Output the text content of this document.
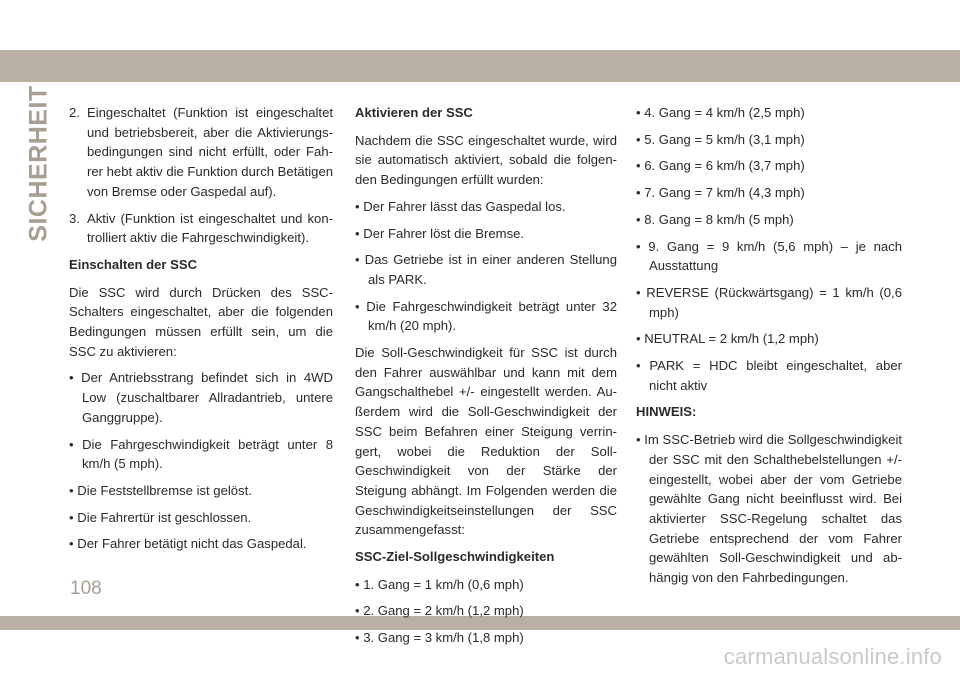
SICHERHEIT 2. Eingeschaltet (Funktion ist eingeschaltet und betriebsbereit, aber die Aktivierungsbedingungen sind nicht erfüllt, oder Fahrer hebt aktiv die Funktion durch Betätigen von Bremse oder Gaspedal auf).
3. Aktiv (Funktion ist eingeschaltet und kontrolliert aktiv die Fahrgeschwindigkeit).

Einschalten der SSC

Die SSC wird durch Drücken des SSC-Schalters eingeschaltet, aber die folgenden Bedingungen müssen erfüllt sein, um die SSC zu aktivieren:

• Der Antriebsstrang befindet sich in 4WD Low (zuschaltbarer Allradantrieb, untere Ganggruppe).

• Die Fahrgeschwindigkeit beträgt unter 8 km/h (5 mph).

• Die Feststellbremse ist gelöst.

• Die Fahrertür ist geschlossen.

• Der Fahrer betätigt nicht das Gaspedal.

Aktivieren der SSC

Nachdem die SSC eingeschaltet wurde, wird sie automatisch aktiviert, sobald die folgenden Bedingungen erfüllt wurden:

• Der Fahrer lässt das Gaspedal los.

• Der Fahrer löst die Bremse.

• Das Getriebe ist in einer anderen Stellung als PARK.

• Die Fahrgeschwindigkeit beträgt unter 32 km/h (20 mph).

Die Soll-Geschwindigkeit für SSC ist durch den Fahrer auswählbar und kann mit dem Gangschalthebel +/- eingestellt werden. Außerdem wird die Soll-Geschwindigkeit der SSC beim Befahren einer Steigung verringert, wobei die Reduktion der Soll-Geschwindigkeit von der Stärke der Steigung abhängt. Im Folgenden werden die Geschwindigkeitseinstellungen der SSC zusammengefasst:

SSC-Ziel-Sollgeschwindigkeiten

• 1. Gang = 1 km/h (0,6 mph)

• 2. Gang = 2 km/h (1,2 mph)

• 3. Gang = 3 km/h (1,8 mph)

• 4. Gang = 4 km/h (2,5 mph)

• 5. Gang = 5 km/h (3,1 mph)

• 6. Gang = 6 km/h (3,7 mph)

• 7. Gang = 7 km/h (4,3 mph)

• 8. Gang = 8 km/h (5 mph)

• 9. Gang = 9 km/h (5,6 mph) – je nach Ausstattung

• REVERSE (Rückwärtsgang) = 1 km/h (0,6 mph)

• NEUTRAL = 2 km/h (1,2 mph)

• PARK = HDC bleibt eingeschaltet, aber nicht aktiv

HINWEIS:

• Im SSC-Betrieb wird die Sollgeschwindigkeit der SSC mit den Schalthebelstellungen +/- eingestellt, wobei aber der vom Getriebe gewählte Gang nicht beeinflusst wird. Bei aktivierter SSC-Regelung schaltet das Getriebe entsprechend der vom Fahrer gewählten Soll-Geschwindigkeit und abhängig von den Fahrbedingungen.

108
carmanualsonline.info
